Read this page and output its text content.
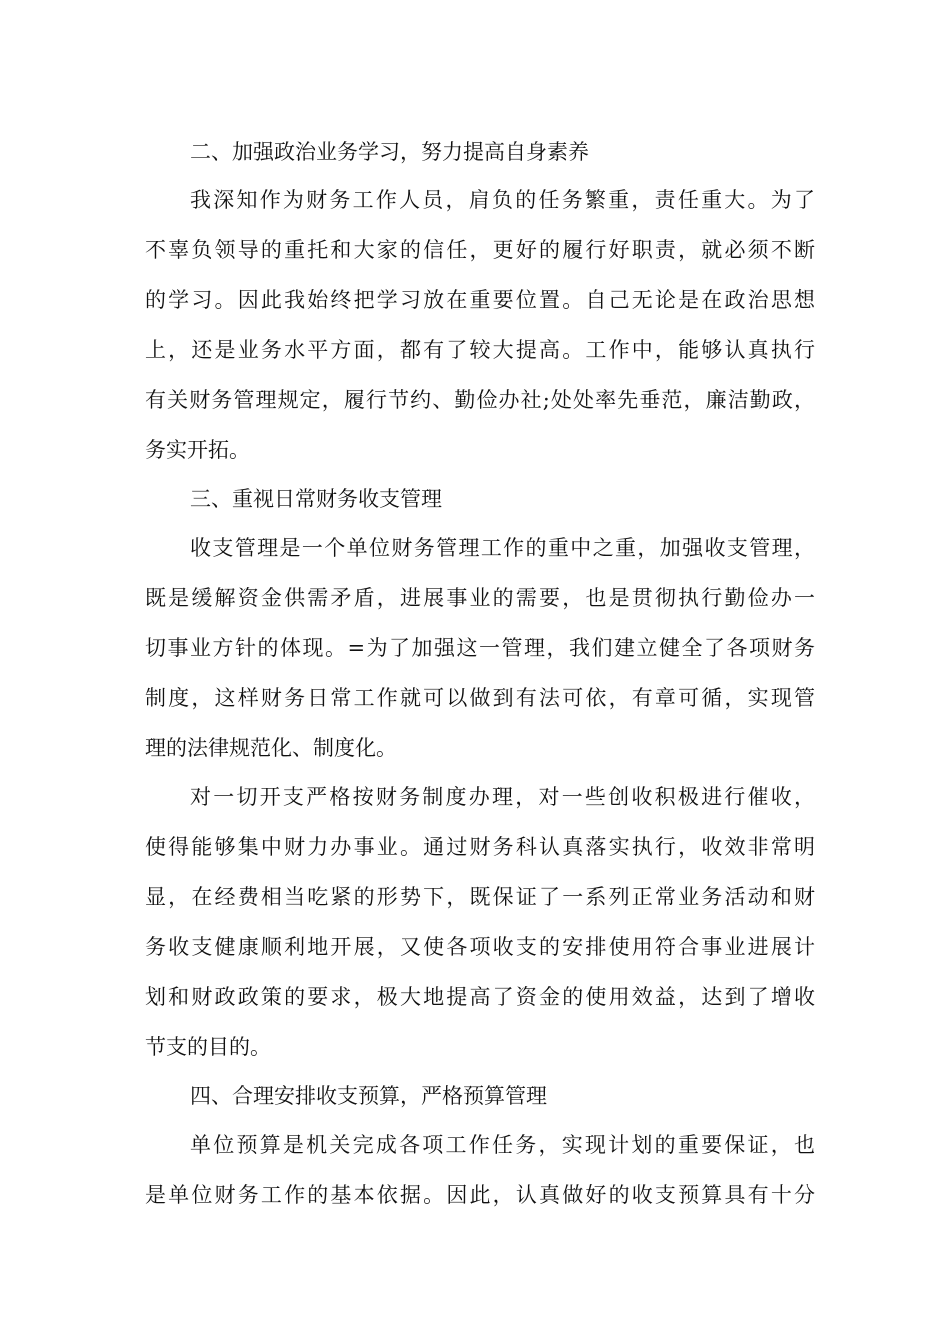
二、加强政治业务学习，努力提高自身素养
我深知作为财务工作人员，肩负的任务繁重，责任重大。为了
不辜负领导的重托和大家的信任，更好的履行好职责，就必须不断
的学习。因此我始终把学习放在重要位置。自己无论是在政治思想
上，还是业务水平方面，都有了较大提高。工作中，能够认真执行
有关财务管理规定，履行节约、勤俭办社;处处率先垂范，廉洁勤政，
务实开拓。
三、重视日常财务收支管理
收支管理是一个单位财务管理工作的重中之重，加强收支管理，
既是缓解资金供需矛盾，进展事业的需要，也是贯彻执行勤俭办一
切事业方针的体现。=为了加强这一管理，我们建立健全了各项财务
制度，这样财务日常工作就可以做到有法可依，有章可循，实现管
理的法律规范化、制度化。
对一切开支严格按财务制度办理，对一些创收积极进行催收，
使得能够集中财力办事业。通过财务科认真落实执行，收效非常明
显，在经费相当吃紧的形势下，既保证了一系列正常业务活动和财
务收支健康顺利地开展，又使各项收支的安排使用符合事业进展计
划和财政政策的要求，极大地提高了资金的使用效益，达到了增收
节支的目的。
四、合理安排收支预算，严格预算管理
单位预算是机关完成各项工作任务，实现计划的重要保证，也
是单位财务工作的基本依据。因此，认真做好的收支预算具有十分
